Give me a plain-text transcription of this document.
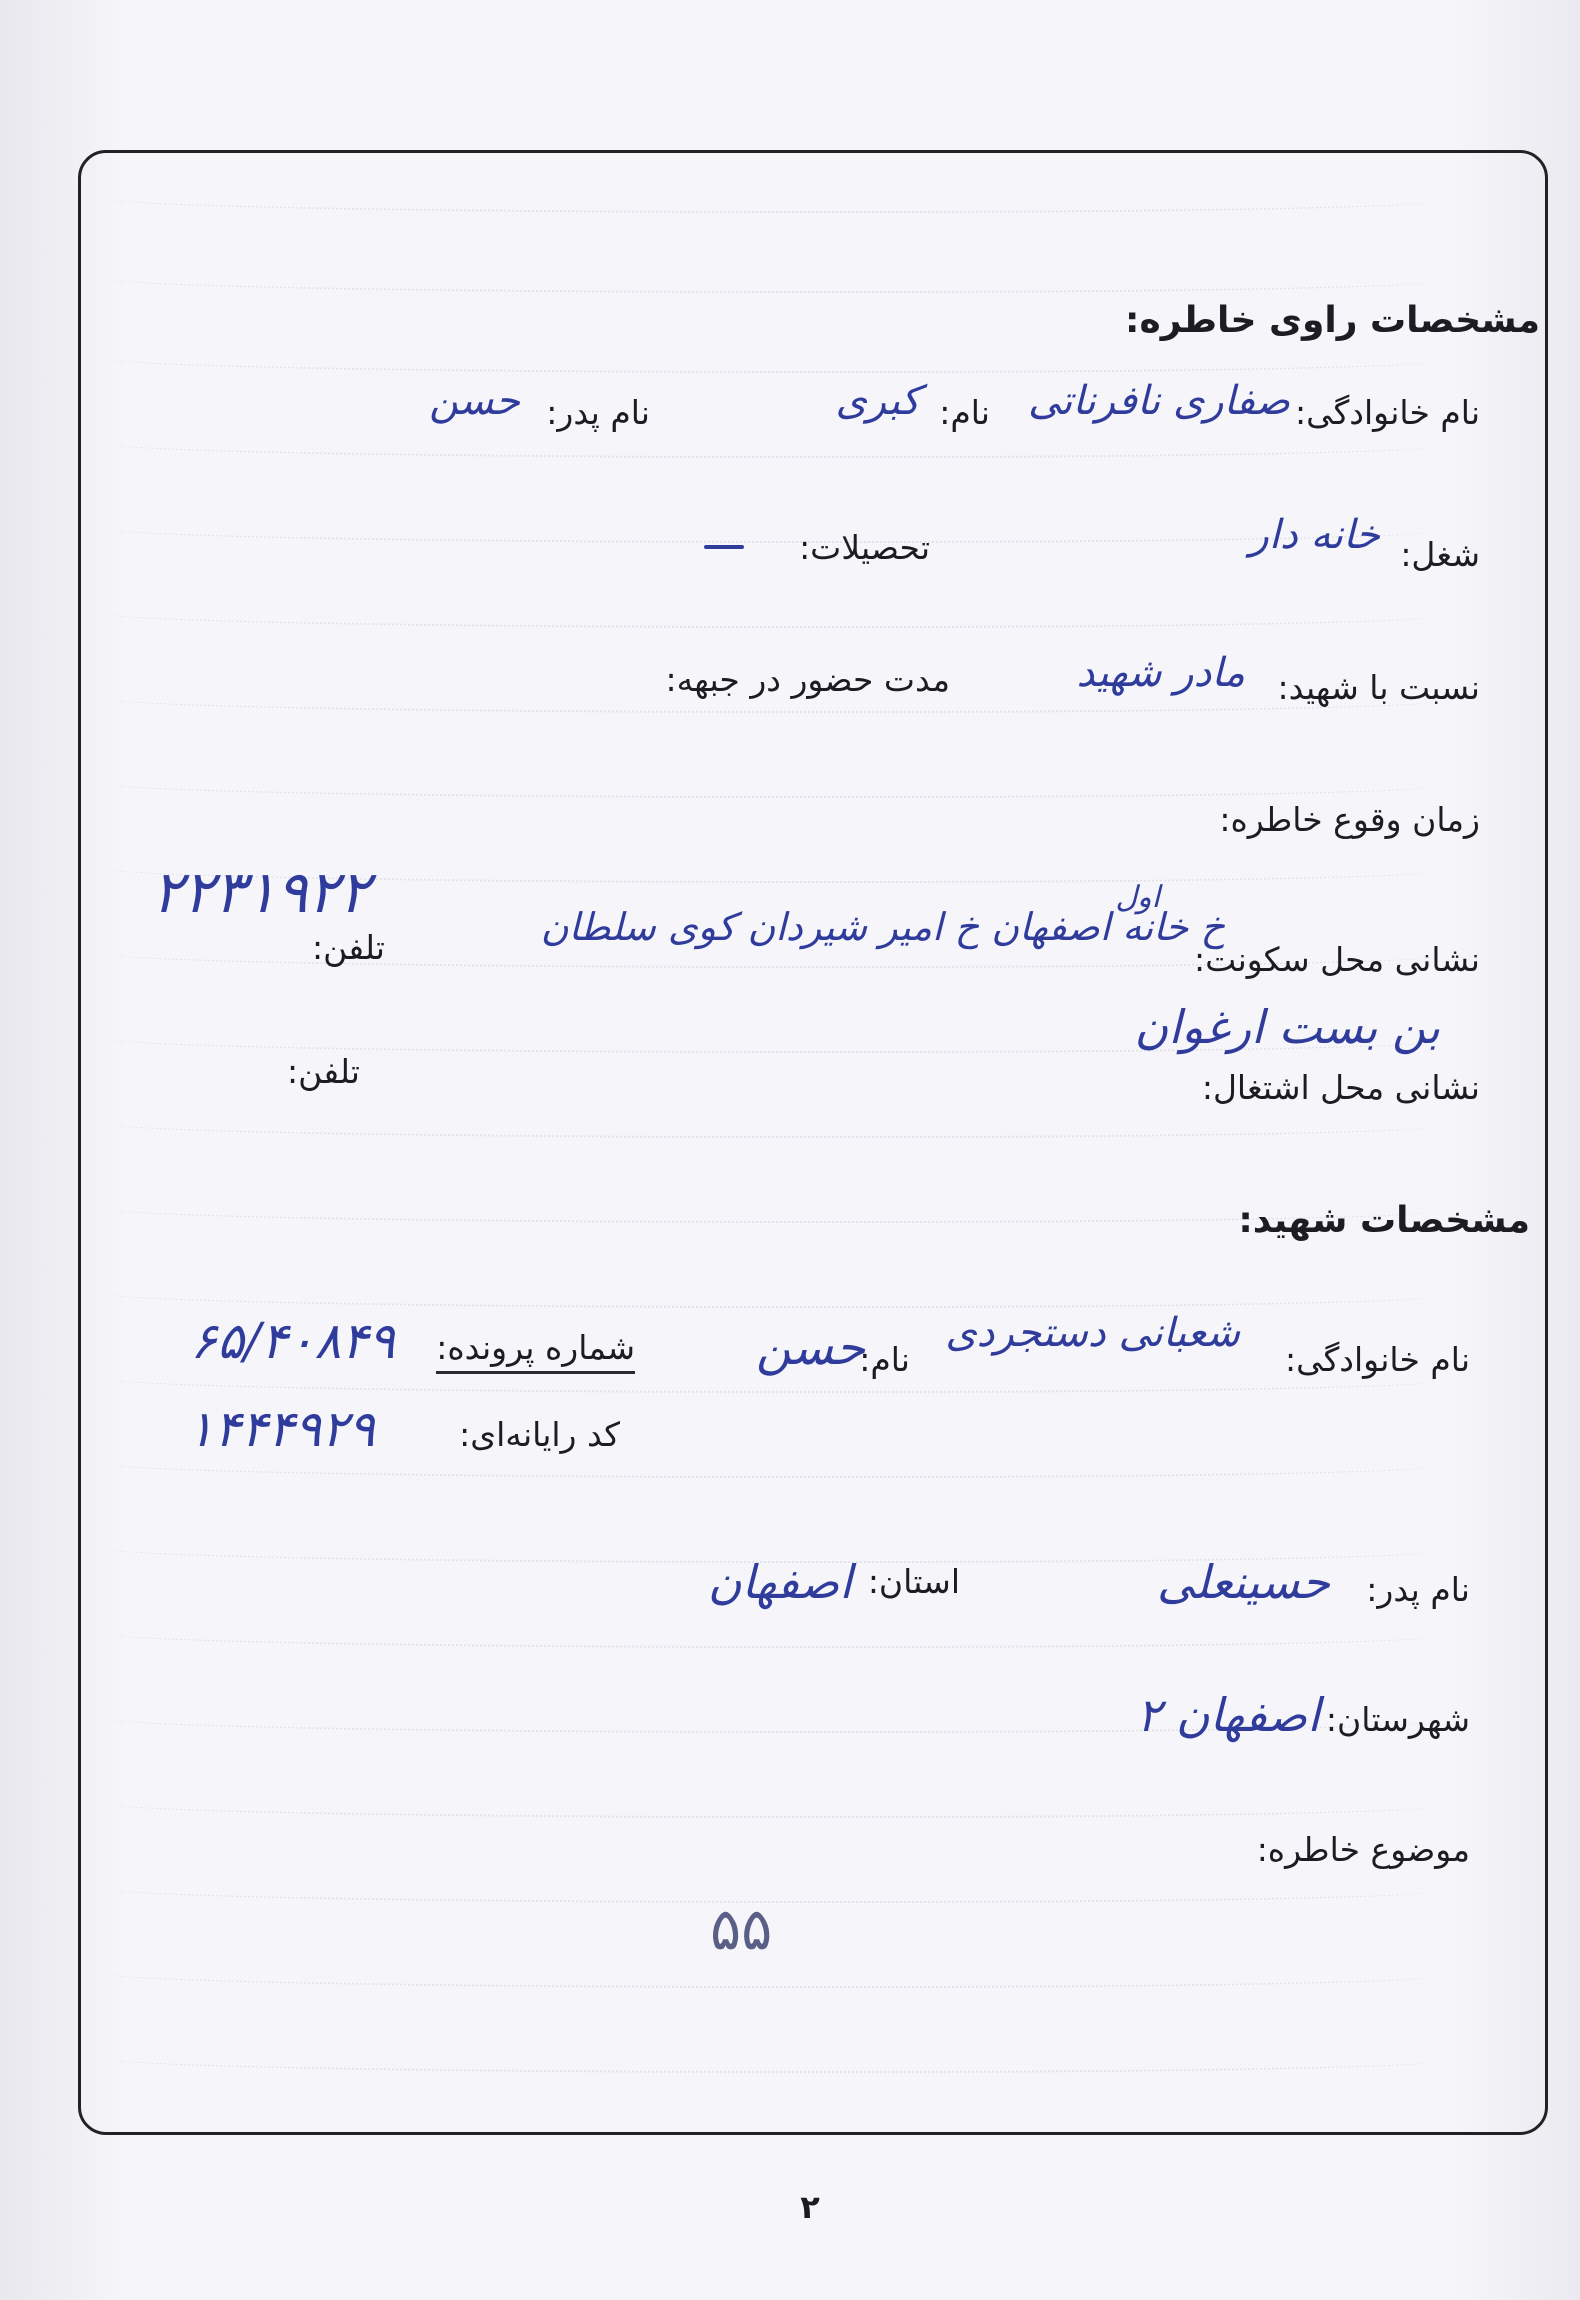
مشخصات راوی خاطره:
نام خانوادگی:
صفاری نافرناتی
نام:
کبری
نام پدر:
حسن
شغل:
خانه دار
تحصیلات:
نسبت با شهید:
مادر شهید
مدت حضور در جبهه:
زمان وقوع خاطره:
نشانی محل سکونت:
اول
خ خانه اصفهان خ امیر شیردان کوی سلطان
تلفن:
۲۲۳۱۹۲۲
بن بست ارغوان
نشانی محل اشتغال:
تلفن:
مشخصات شهید:
نام خانوادگی:
شعبانی دستجردی
نام:
حسن
شماره پرونده:
۶۵/۴۰۸۴۹
کد رایانه‌ای:
۱۴۴۴۹۲۹
نام پدر:
حسینعلی
استان:
اصفهان
شهرستان:
اصفهان ۲
موضوع خاطره:
۵۵
۲
